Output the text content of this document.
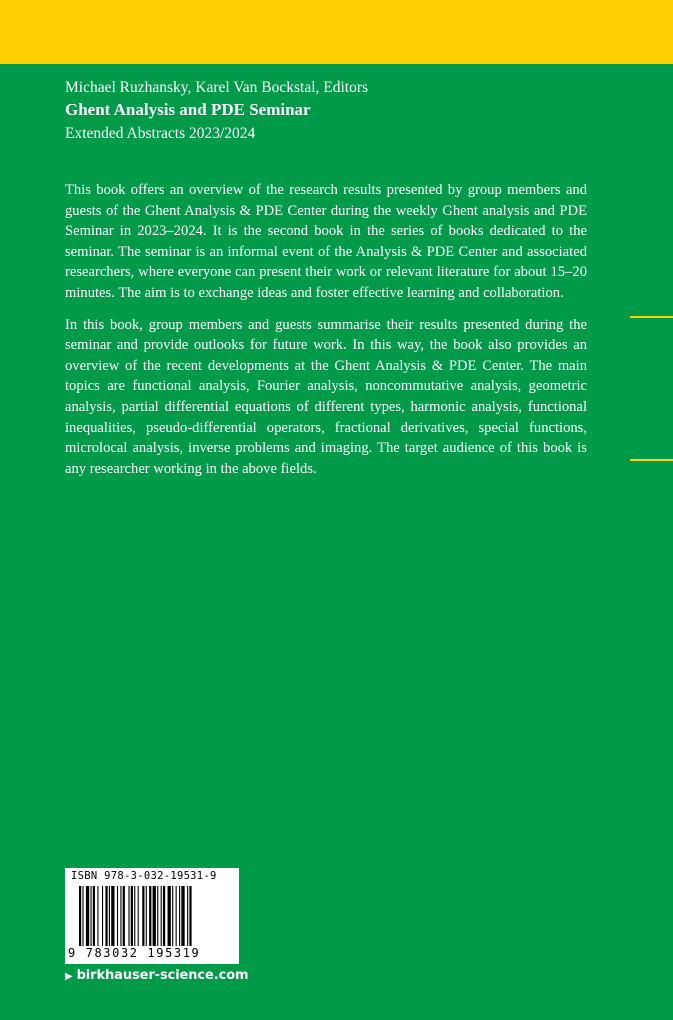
Michael Ruzhansky, Karel Van Bockstal, Editors
Ghent Analysis and PDE Seminar
Extended Abstracts 2023/2024

This book offers an overview of the research results presented by group members and guests of the Ghent Analysis & PDE Center during the weekly Ghent analysis and PDE Seminar in 2023–2024. It is the second book in the series of books dedicated to the seminar. The seminar is an informal event of the Analysis & PDE Center and associated researchers, where everyone can present their work or relevant literature for about 15–20 minutes. The aim is to exchange ideas and foster effective learning and collaboration.

In this book, group members and guests summarise their results presented during the seminar and provide outlooks for future work. In this way, the book also provides an overview of the recent developments at the Ghent Analysis & PDE Center. The main topics are functional analysis, Fourier analysis, noncommutative analysis, geometric analysis, partial differential equations of different types, harmonic analysis, functional inequalities, pseudo-differential operators, fractional derivatives, special functions, microlocal analysis, inverse problems and imaging. The target audience of this book is any researcher working in the above fields.

ISBN 978-3-032-19531-9
9 783032 195319
▶ birkhauser-science.com
